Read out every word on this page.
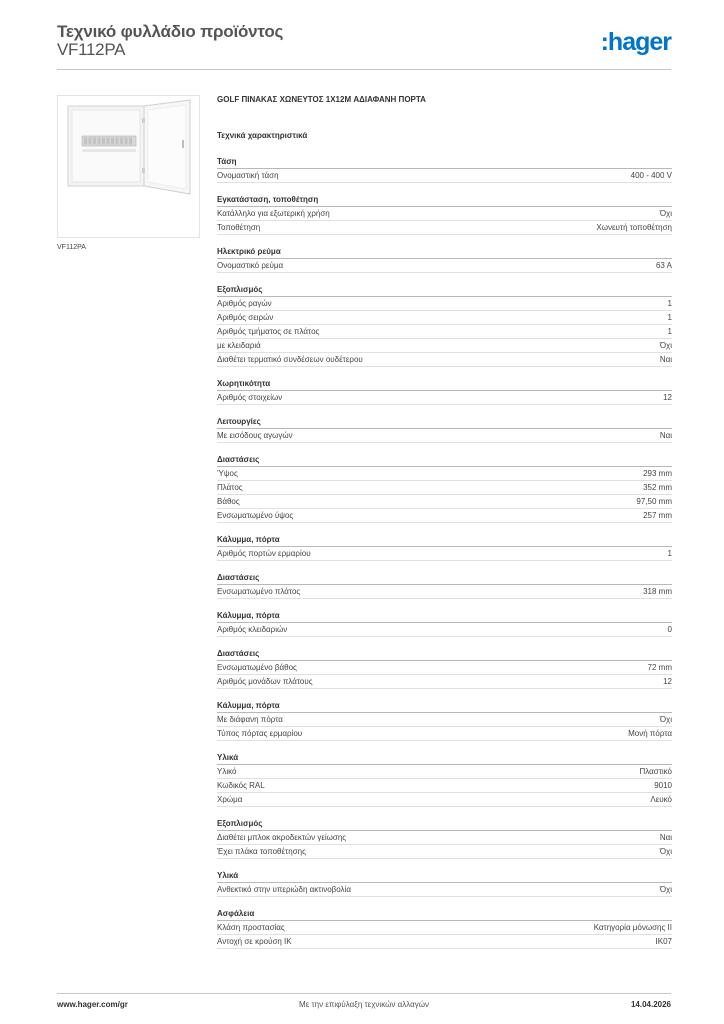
Τεχνικό φυλλάδιο προϊόντος
VF112PA	:hager
VF112PA
GOLF ΠΙΝΑΚΑΣ ΧΩΝΕΥΤΟΣ 1X12M ΑΔΙΑΦΑΝΗ ΠΟΡΤΑ
Τεχνικά χαρακτηριστικά
Τάση
Ονομαστική τάση	400 - 400 V
Εγκατάσταση, τοποθέτηση
Κατάλληλο για εξωτερική χρήση	Όχι
Τοποθέτηση	Χωνευτή τοποθέτηση
Ηλεκτρικό ρεύμα
Ονομαστικό ρεύμα	63 A
Εξοπλισμός
Αριθμός ραγών	1
Αριθμός σειρών	1
Αριθμός τμήματος σε πλάτος	1
με κλειδαριά	Όχι
Διαθέτει τερματικό συνδέσεων ουδέτερου	Ναι
Χωρητικότητα
Αριθμός στοιχείων	12
Λειτουργίες
Με εισόδους αγωγών	Ναι
Διαστάσεις
Ύψος	293 mm
Πλάτος	352 mm
Βάθος	97,50 mm
Ενσωματωμένο ύψος	257 mm
Κάλυμμα, πόρτα
Αριθμός πορτών ερμαρίου	1
Διαστάσεις
Ενσωματωμένο πλάτος	318 mm
Κάλυμμα, πόρτα
Αριθμός κλειδαριών	0
Διαστάσεις
Ενσωματωμένο βάθος	72 mm
Αριθμός μονάδων πλάτους	12
Κάλυμμα, πόρτα
Με διάφανη πόρτα	Όχι
Τύπος πόρτας ερμαρίου	Μονή πόρτα
Υλικά
Υλικό	Πλαστικό
Κωδικός RAL	9010
Χρώμα	Λευκό
Εξοπλισμός
Διαθέτει μπλοκ ακροδεκτών γείωσης	Ναι
Έχει πλάκα τοποθέτησης	Όχι
Υλικά
Ανθεκτικό στην υπεριώδη ακτινοβολία	Όχι
Ασφάλεια
Κλάση προστασίας	Κατηγορία μόνωσης II
Αντοχή σε κρούση IK	IK07
www.hager.com/gr	Με την επιφύλαξη τεχνικών αλλαγών	14.04.2026
